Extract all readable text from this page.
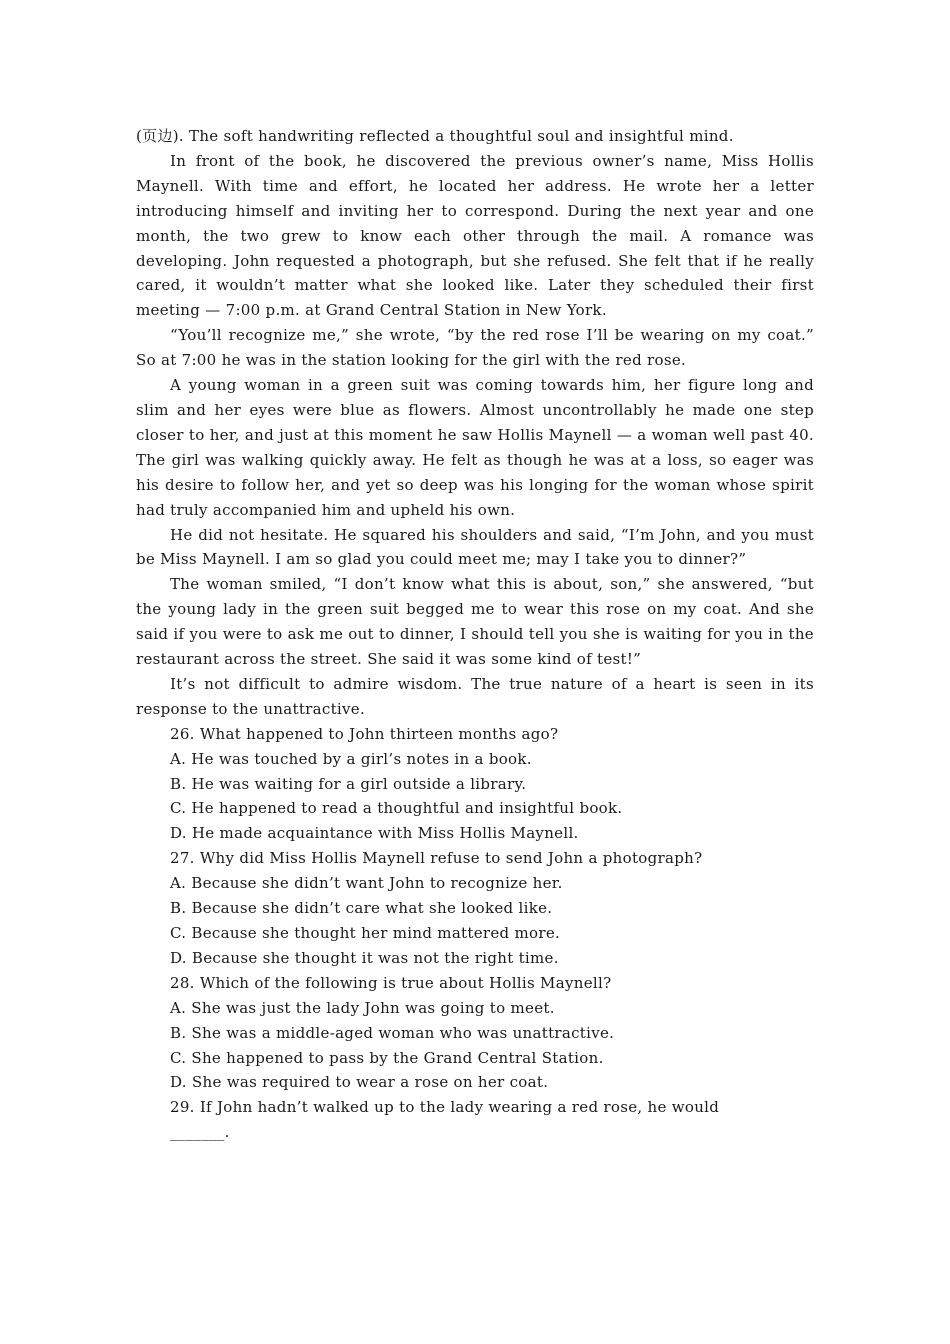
(页边). The soft handwriting reflected a thoughtful soul and insightful mind.

In front of the book, he discovered the previous owner’s name, Miss Hollis Maynell. With time and effort, he located her address. He wrote her a letter introducing himself and inviting her to correspond. During the next year and one month, the two grew to know each other through the mail. A romance was developing. John requested a photograph, but she refused. She felt that if he really cared, it wouldn’t matter what she looked like. Later they scheduled their first meeting — 7:00 p.m. at Grand Central Station in New York.

“You’ll recognize me,” she wrote, “by the red rose I’ll be wearing on my coat.” So at 7:00 he was in the station looking for the girl with the red rose.

A young woman in a green suit was coming towards him, her figure long and slim and her eyes were blue as flowers. Almost uncontrollably he made one step closer to her, and just at this moment he saw Hollis Maynell — a woman well past 40. The girl was walking quickly away. He felt as though he was at a loss, so eager was his desire to follow her, and yet so deep was his longing for the woman whose spirit had truly accompanied him and upheld his own.

He did not hesitate. He squared his shoulders and said, “I’m John, and you must be Miss Maynell. I am so glad you could meet me; may I take you to dinner?”

The woman smiled, “I don’t know what this is about, son,” she answered, “but the young lady in the green suit begged me to wear this rose on my coat. And she said if you were to ask me out to dinner, I should tell you she is waiting for you in the restaurant across the street. She said it was some kind of test!”

It’s not difficult to admire wisdom. The true nature of a heart is seen in its response to the unattractive.

26. What happened to John thirteen months ago?

A. He was touched by a girl’s notes in a book.

B. He was waiting for a girl outside a library.

C. He happened to read a thoughtful and insightful book.

D. He made acquaintance with Miss Hollis Maynell.

27. Why did Miss Hollis Maynell refuse to send John a photograph?

A. Because she didn’t want John to recognize her.

B. Because she didn’t care what she looked like.

C. Because she thought her mind mattered more.

D. Because she thought it was not the right time.

28. Which of the following is true about Hollis Maynell?

A. She was just the lady John was going to meet.

B. She was a middle-aged woman who was unattractive.

C. She happened to pass by the Grand Central Station.

D. She was required to wear a rose on her coat.

29. If John hadn’t walked up to the lady wearing a red rose, he would
_______.
